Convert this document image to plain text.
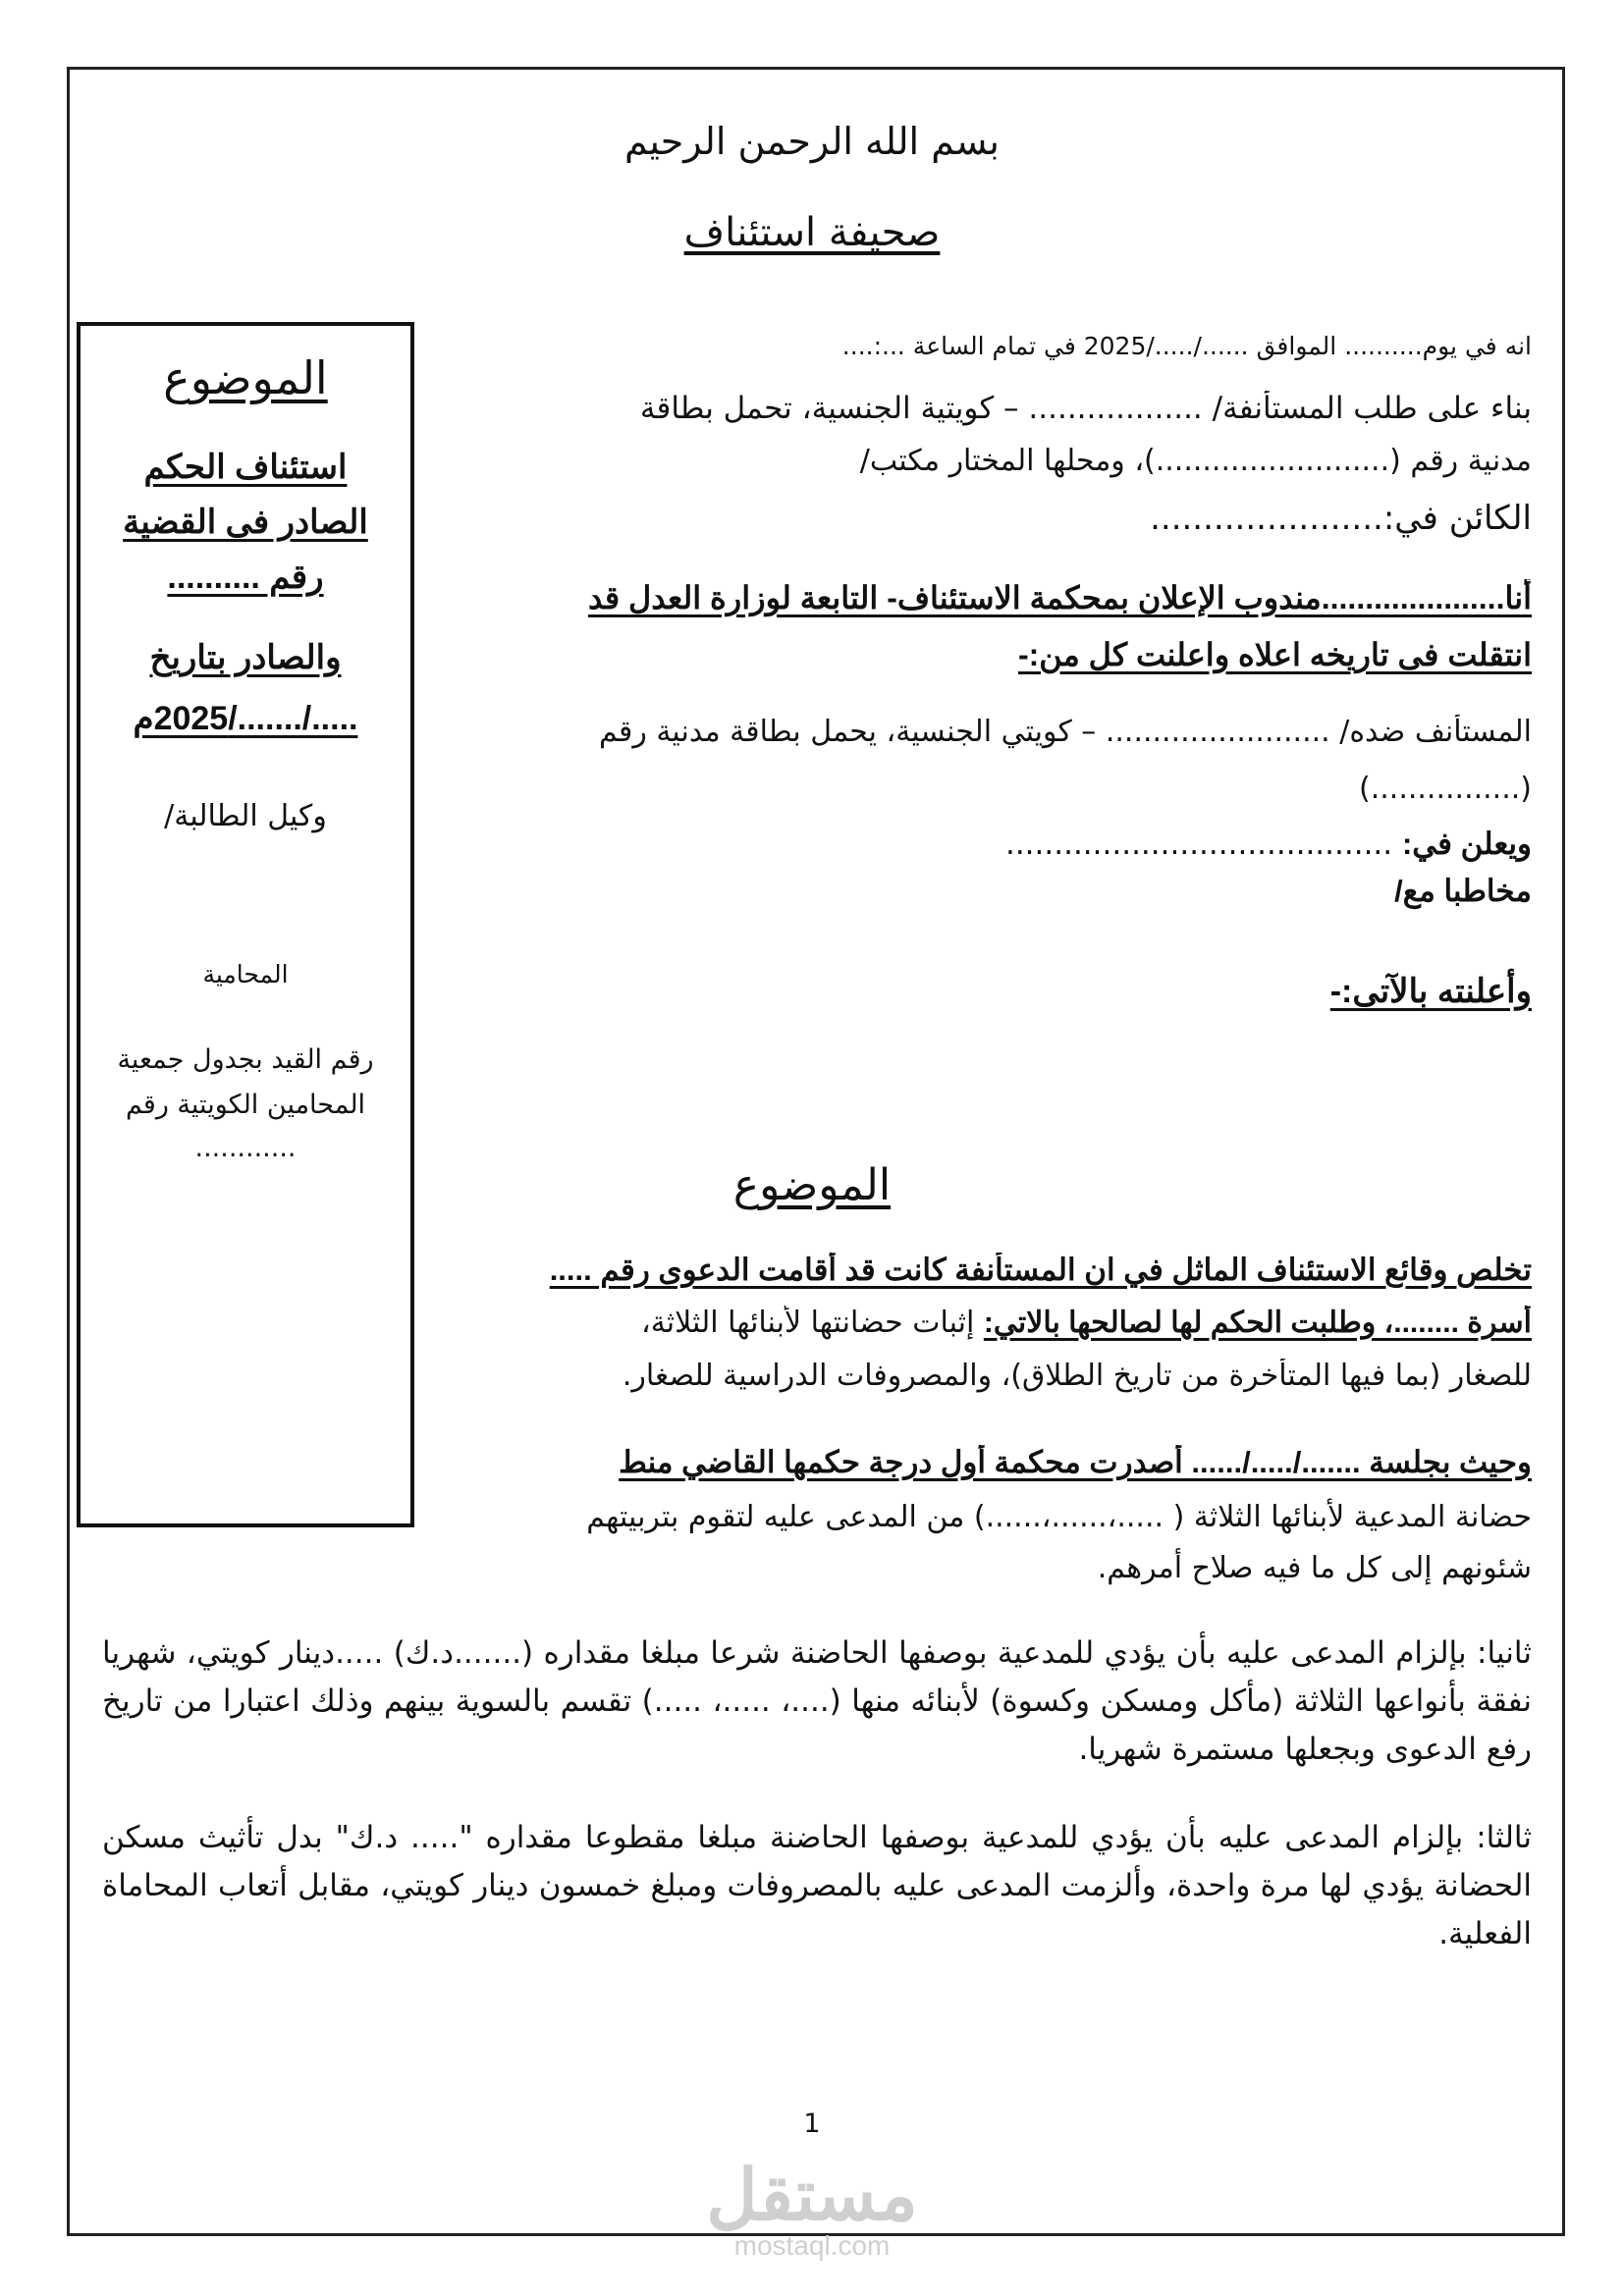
بسم الله الرحمن الرحيم
صحيفة استئناف
انه في يوم.......... الموافق ....../...../2025 في تمام الساعة ...:....
بناء على طلب المستأنفة/ .................. – كويتية الجنسية، تحمل بطاقة
مدنية رقم (.........................)، ومحلها المختار مكتب/
الكائن في:......................
أنا.....................مندوب الإعلان بمحكمة الاستئناف- التابعة لوزارة العدل قد
انتقلت فى تاريخه اعلاه واعلنت كل من:-
المستأنف ضده/ ........................ – كويتي الجنسية، يحمل بطاقة مدنية رقم
(................)
ويعلن في: ........................................
مخاطبا مع/
وأعلنته بالآتى:-
الموضوع
تخلص وقائع الاستئناف الماثل في ان المستأنفة كانت قد أقامت الدعوى رقم .....
أسرة ........، وطلبت الحكم لها لصالحها بالاتي: إثبات حضانتها لأبنائها الثلاثة،
للصغار (بما فيها المتأخرة من تاريخ الطلاق)، والمصروفات الدراسية للصغار.
وحيث بجلسة ......./...../...... أصدرت محكمة أول درجة حكمها القاضي منط
حضانة المدعية لأبنائها الثلاثة ( .....،......،......) من المدعى عليه لتقوم بتربيتهم
شئونهم إلى كل ما فيه صلاح أمرهم.
ثانيا: بإلزام المدعى عليه بأن يؤدي للمدعية بوصفها الحاضنة شرعا مبلغا مقداره (.......د.ك) .....دينار كويتي، شهريا نفقة بأنواعها الثلاثة (مأكل ومسكن وكسوة) لأبنائه منها (....، .....، .....) تقسم بالسوية بينهم وذلك اعتبارا من تاريخ رفع الدعوى وبجعلها مستمرة شهريا.
ثالثا: بإلزام المدعى عليه بأن يؤدي للمدعية بوصفها الحاضنة مبلغا مقطوعا مقداره "..... د.ك" بدل تأثيث مسكن الحضانة يؤدي لها مرة واحدة، وألزمت المدعى عليه بالمصروفات ومبلغ خمسون دينار كويتي، مقابل أتعاب المحاماة الفعلية.
الموضوع
استئناف الحكم
الصادر فى القضية
رقم ..........
والصادر بتاريخ
...../......./2025م
وكيل الطالبة/
المحامية
رقم القيد بجدول جمعية
المحامين الكويتية رقم
............
1
مستقل
mostaql.com
